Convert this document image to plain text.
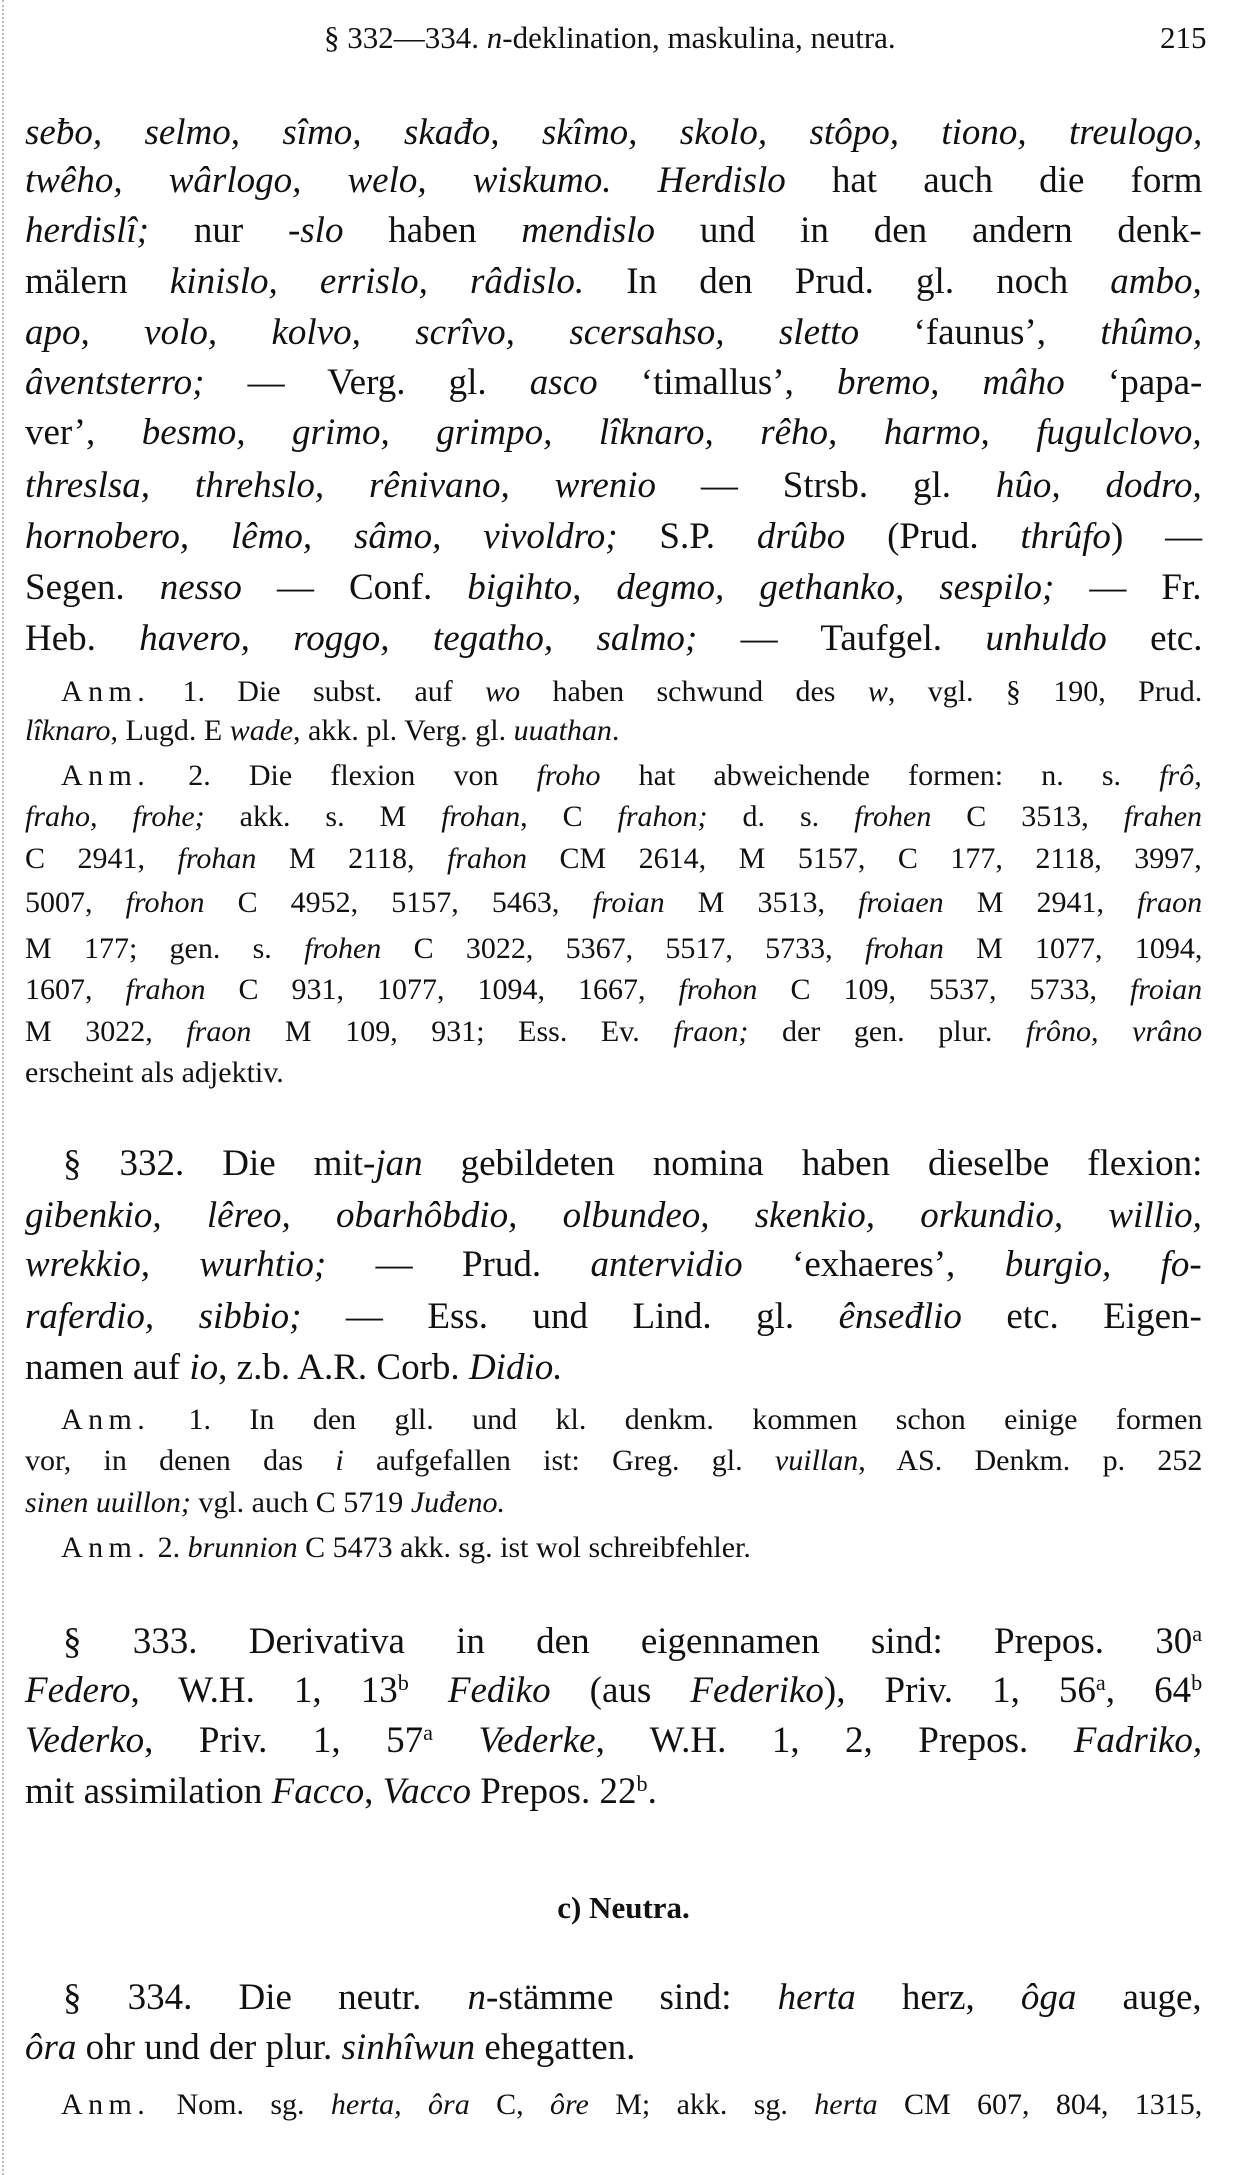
§ 332—334. n-deklination, maskulina, neutra.	215
c) Neutra.
seƀo, selmo, sîmo, skađo, skîmo, skolo, stôpo, tiono, treulogo,
twêho, wârlogo, welo, wiskumo. Herdislo hat auch die form
herdislî; nur -slo haben mendislo und in den andern denk-
mälern kinislo, errislo, râdislo. In den Prud. gl. noch ambo,
apo, volo, kolvo, scrîvo, scersahso, sletto ‘faunus’, thûmo,
âventsterro; — Verg. gl. asco ‘timallus’, bremo, mâho ‘papa-
ver’, besmo, grimo, grimpo, lîknaro, rêho, harmo, fugulclovo,
threslsa, threhslo, rênivano, wrenio — Strsb. gl. hûo, dodro,
hornobero, lêmo, sâmo, vivoldro; S.P. drûbo (Prud. thrûfo) —
Segen. nesso — Conf. bigihto, degmo, gethanko, sespilo; — Fr.
Heb. havero, roggo, tegatho, salmo; — Taufgel. unhuldo etc.
Anm. 1. Die subst. auf wo haben schwund des w, vgl. § 190, Prud.
lîknaro, Lugd. E wade, akk. pl. Verg. gl. uuathan.
Anm. 2. Die flexion von froho hat abweichende formen: n. s. frô,
fraho, frohe; akk. s. M frohan, C frahon; d. s. frohen C 3513, frahen
C 2941, frohan M 2118, frahon CM 2614, M 5157, C 177, 2118, 3997,
5007, frohon C 4952, 5157, 5463, froian M 3513, froiaen M 2941, fraon
M 177; gen. s. frohen C 3022, 5367, 5517, 5733, frohan M 1077, 1094,
1607, frahon C 931, 1077, 1094, 1667, frohon C 109, 5537, 5733, froian
M 3022, fraon M 109, 931; Ess. Ev. fraon; der gen. plur. frôno, vrâno
erscheint als adjektiv.
§ 332. Die mit-jan gebildeten nomina haben dieselbe flexion:
gibenkio, lêreo, obarhôbdio, olbundeo, skenkio, orkundio, willio,
wrekkio, wurhtio; — Prud. antervidio ‘exhaeres’, burgio, fo-
raferdio, sibbio; — Ess. und Lind. gl. ênseđlio etc. Eigen-
namen auf io, z.b. A.R. Corb. Didio.
Anm. 1. In den gll. und kl. denkm. kommen schon einige formen
vor, in denen das i aufgefallen ist: Greg. gl. vuillan, AS. Denkm. p. 252
sinen uuillon; vgl. auch C 5719 Juđeno.
Anm. 2. brunnion C 5473 akk. sg. ist wol schreibfehler.
§ 333. Derivativa in den eigennamen sind: Prepos. 30$^a$
Federo, W.H. 1, 13$^b$ Fediko (aus Federiko), Priv. 1, 56$^a$, 64$^b$
Vederko, Priv. 1, 57$^a$ Vederke, W.H. 1, 2, Prepos. Fadriko,
mit assimilation Facco, Vacco Prepos. 22$^b$.
§ 334. Die neutr. n-stämme sind: herta herz, ôga auge,
ôra ohr und der plur. sinhîwun ehegatten.
Anm. Nom. sg. herta, ôra C, ôre M; akk. sg. herta CM 607, 804, 1315,
